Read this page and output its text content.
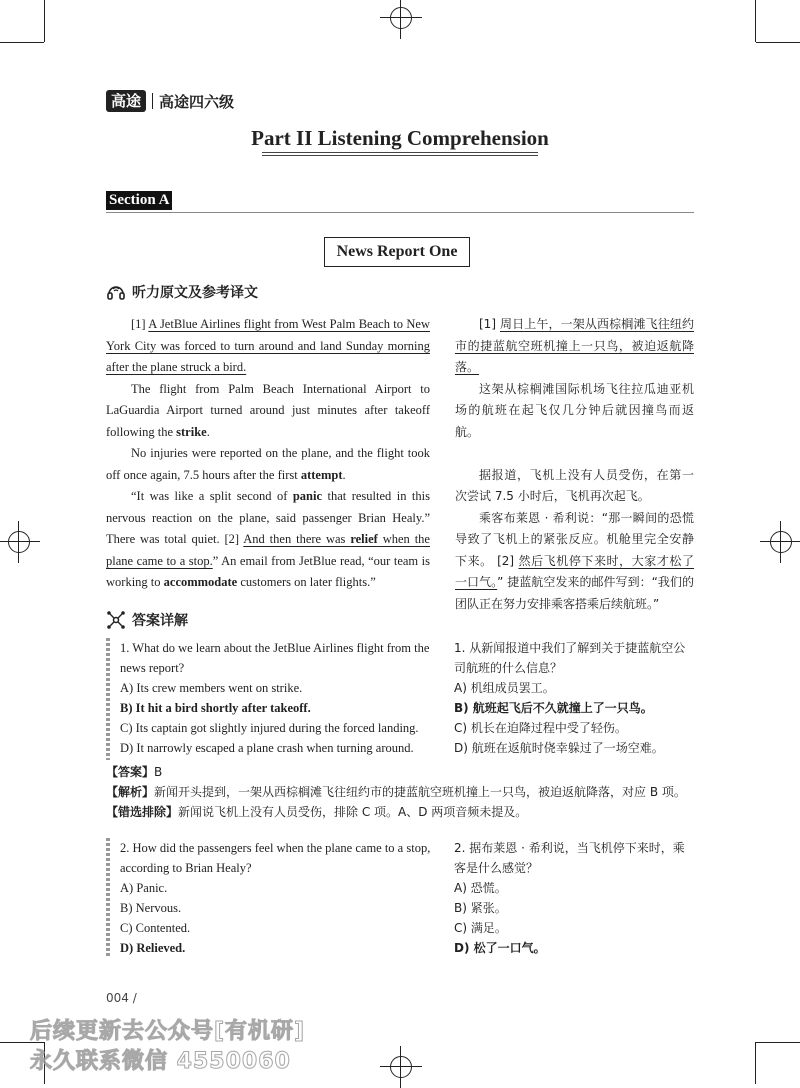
高途	高途四六级
Part II Listening Comprehension
Section A
News Report One
听力原文及参考译文

[1] A JetBlue Airlines flight from West Palm Beach to New York City was forced to turn around and land Sunday morning after the plane struck a bird.

The flight from Palm Beach International Airport to LaGuardia Airport turned around just minutes after takeoff following the strike.

No injuries were reported on the plane, and the flight took off once again, 7.5 hours after the first attempt.

“It was like a split second of panic that resulted in this nervous reaction on the plane, said passenger Brian Healy.” There was total quiet. [2] And then there was relief when the plane came to a stop.” An email from JetBlue read, “our team is working to accommodate customers on later flights.”

[1] 周日上午，一架从西棕榈滩飞往纽约市的捷蓝航空班机撞上一只鸟，被迫返航降落。

这架从棕榈滩国际机场飞往拉瓜迪亚机场的航班在起飞仅几分钟后就因撞鸟而返航。

据报道，飞机上没有人员受伤，在第一次尝试 7.5 小时后，飞机再次起飞。

乘客布莱恩 · 希利说：“那一瞬间的恐慌导致了飞机上的紧张反应。机舱里完全安静下来。 [2] 然后飞机停下来时，大家才松了一口气。” 捷蓝航空发来的邮件写到：“我们的团队正在努力安排乘客搭乘后续航班。”

答案详解
1. What do we learn about the JetBlue Airlines flight from the news report?
A) Its crew members went on strike.
B) It hit a bird shortly after takeoff.
C) Its captain got slightly injured during the forced landing.
D) It narrowly escaped a plane crash when turning around.
1. 从新闻报道中我们了解到关于捷蓝航空公司航班的什么信息？
A) 机组成员罢工。
B) 航班起飞后不久就撞上了一只鸟。
C) 机长在迫降过程中受了轻伤。
D) 航班在返航时侥幸躲过了一场空难。
【答案】B
【解析】新闻开头提到，一架从西棕榈滩飞往纽约市的捷蓝航空班机撞上一只鸟，被迫返航降落，对应 B 项。
【错选排除】新闻说飞机上没有人员受伤，排除 C 项。A、D 两项音频未提及。
2. How did the passengers feel when the plane came to a stop, according to Brian Healy?
A) Panic.
B) Nervous.
C) Contented.
D) Relieved.
2. 据布莱恩 · 希利说，当飞机停下来时，乘客是什么感觉？
A) 恐慌。
B) 紧张。
C) 满足。
D) 松了一口气。
004 /
后续更新去公众号[有机研]
永久联系微信 4550060
